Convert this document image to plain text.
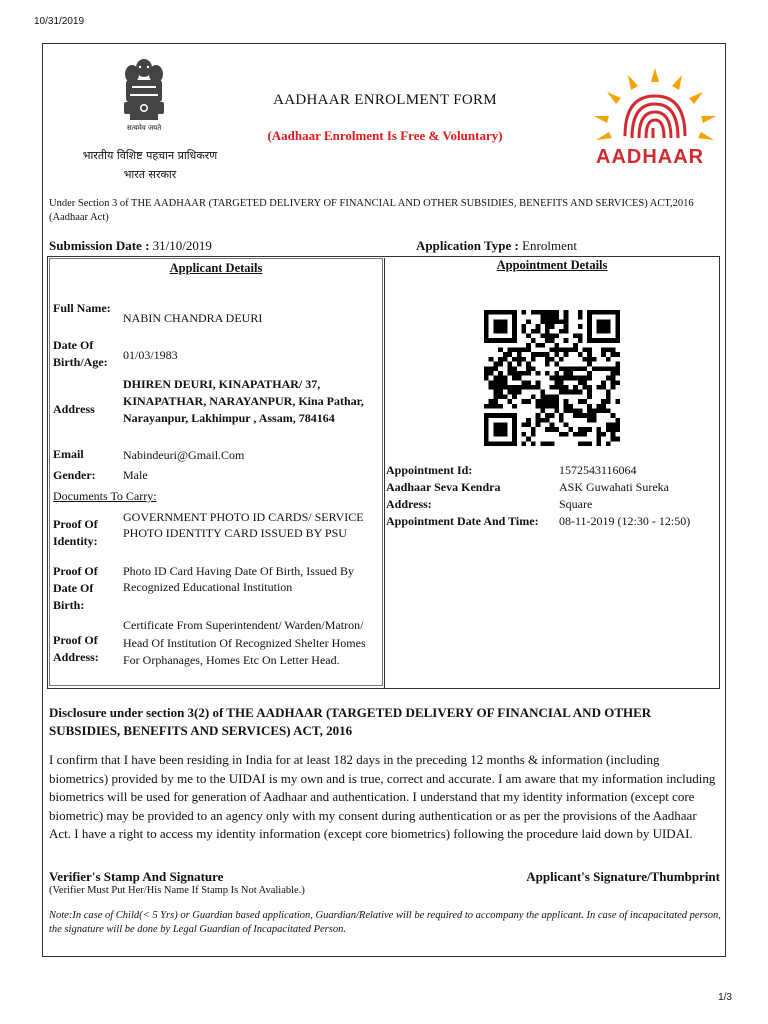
10/31/2019
सत्यमेव जयते
भारतीय विशिष्ट पहचान प्राधिकरण
भारत सरकार
AADHAAR ENROLMENT FORM
(Aadhaar Enrolment Is Free & Voluntary)
AADHAAR
Under Section 3 of THE AADHAAR (TARGETED DELIVERY OF FINANCIAL AND OTHER SUBSIDIES, BENEFITS AND SERVICES) ACT,2016 (Aadhaar Act)
Submission Date : 31/10/2019	Application Type : Enrolment
Applicant Details	Appointment Details
Full Name:
NABIN CHANDRA DEURI
Date Of Birth/Age:	01/03/1983
Address
DHIREN DEURI, KINAPATHAR/ 37, KINAPATHAR, NARAYANPUR, Kina Pathar, Narayanpur, Lakhimpur , Assam, 784164
Email	Nabindeuri@Gmail.Com
Gender: Male
Documents To Carry:
Proof Of Identity:
GOVERNMENT PHOTO ID CARDS/ SERVICE PHOTO IDENTITY CARD ISSUED BY PSU
Proof Of Date Of Birth:
Photo ID Card Having Date Of Birth, Issued By Recognized Educational Institution
Proof Of Address:
Certificate From Superintendent/ Warden/Matron/ Head Of Institution Of Recognized Shelter Homes For Orphanages, Homes Etc On Letter Head.
Appointment Id:	1572543116064
Aadhaar Seva Kendra Address:
ASK Guwahati Sureka Square
Appointment Date And Time:	08-11-2019 (12:30 - 12:50)
Disclosure under section 3(2) of THE AADHAAR (TARGETED DELIVERY OF FINANCIAL AND OTHER SUBSIDIES, BENEFITS AND SERVICES) ACT, 2016
I confirm that I have been residing in India for at least 182 days in the preceding 12 months & information (including biometrics) provided by me to the UIDAI is my own and is true, correct and accurate. I am aware that my information including biometrics will be used for generation of Aadhaar and authentication. I understand that my identity information (except core biometric) may be provided to an agency only with my consent during authentication or as per the provisions of the Aadhaar Act. I have a right to access my identity information (except core biometrics) following the procedure laid down by UIDAI.
Verifier's Stamp And Signature
(Verifier Must Put Her/His Name If Stamp Is Not Avaliable.)
Applicant's Signature/Thumbprint
Note:In case of Child(< 5 Yrs) or Guardian based application, Guardian/Relative will be required to accompany the applicant. In case of incapacitated person, the signature will be done by Legal Guardian of Incapacitated Person.
1/3
